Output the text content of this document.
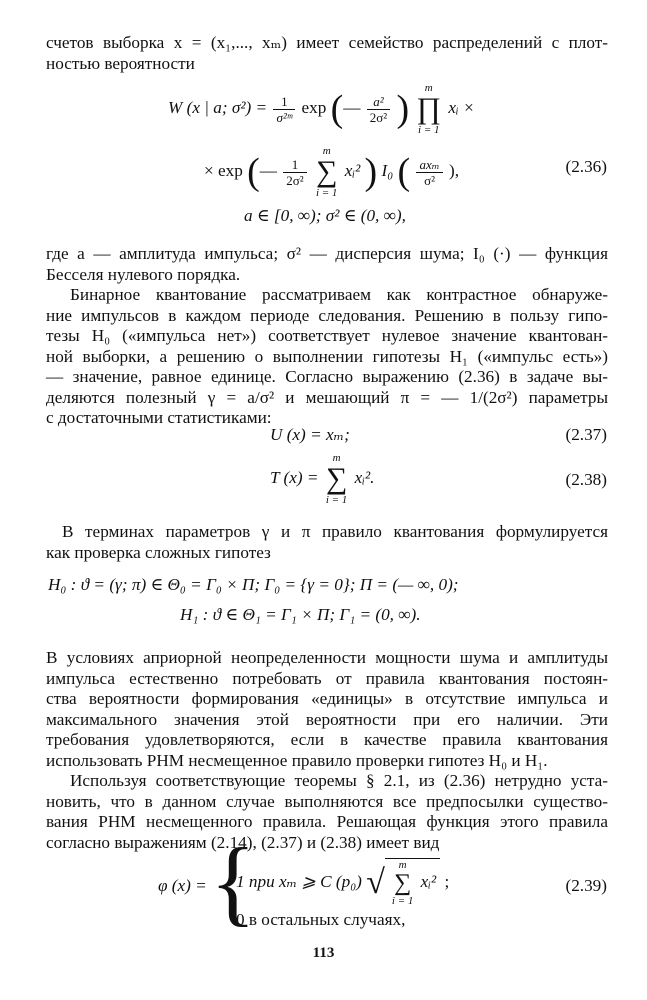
счетов выборка x = (x₁,..., xₘ) имеет семейство распределений с плот-
ностью вероятности

W (x | a; $\sigma^2) = \frac{1}{\text{σ²ᵐ}}$ exp (— $\frac{\text{a²}}{\text{2σ²}}$ )	m
∏
i = 1
xᵢ ×
× exp (— $\frac{1}{\text{2σ²}}$

m
∑
i = 1
xᵢ² ) I₀ ( $\frac{\text{axₘ}}{\text{σ²}}$ ),	(2.36)
a ∈ [0, ∞); σ² ∈ (0, ∞),

где a — амплитуда импульса; σ² — дисперсия шума; I₀ (·) — функция
Бесселя нулевого порядка.

Бинарное квантование рассматриваем как контрастное обнаруже-
ние импульсов в каждом периоде следования. Решению в пользу гипо-
тезы H₀ («импульса нет») соответствует нулевое значение квантован-
ной выборки, а решению о выполнении гипотезы H₁ («импульс есть»)
— значение, равное единице. Согласно выражению (2.36) в задаче вы-
деляются полезный γ = a/σ² и мешающий π = — 1/(2σ²) параметры
с достаточными статистиками:

U (x) = xₘ;	(2.37)
T (x) =
m
∑
i = 1
xᵢ².	(2.38)

В терминах параметров γ и π правило квантования формулируется
как проверка сложных гипотез

H₀ : ϑ = (γ; π) ∈ Θ₀ = Γ₀ × Π; Γ₀ = {γ = 0}; Π = (— ∞, 0);
H₁ : ϑ ∈ Θ₁ = Γ₁ × Π; Γ₁ = (0, ∞).

В условиях априорной неопределенности мощности шума и амплитуды
импульса естественно потребовать от правила квантования постоян-
ства вероятности формирования «единицы» в отсутствие импульса и
максимального значения этой вероятности при его наличии. Эти
требования удовлетворяются, если в качестве правила квантования
использовать РНМ несмещенное правило проверки гипотез H₀ и H₁.

Используя соответствующие теоремы § 2.1, из (2.36) нетрудно уста-
новить, что в данном случае выполняются все предпосылки существо-
вания РНМ несмещенного правила. Решающая функция этого правила
согласно выражениям (2.14), (2.37) и (2.38) имеет вид

φ (x) = {
1 при xₘ ⩾ C (p₀) √	m
∑
i = 1
xᵢ² ;
0 в остальных случаях,
(2.39)
113
